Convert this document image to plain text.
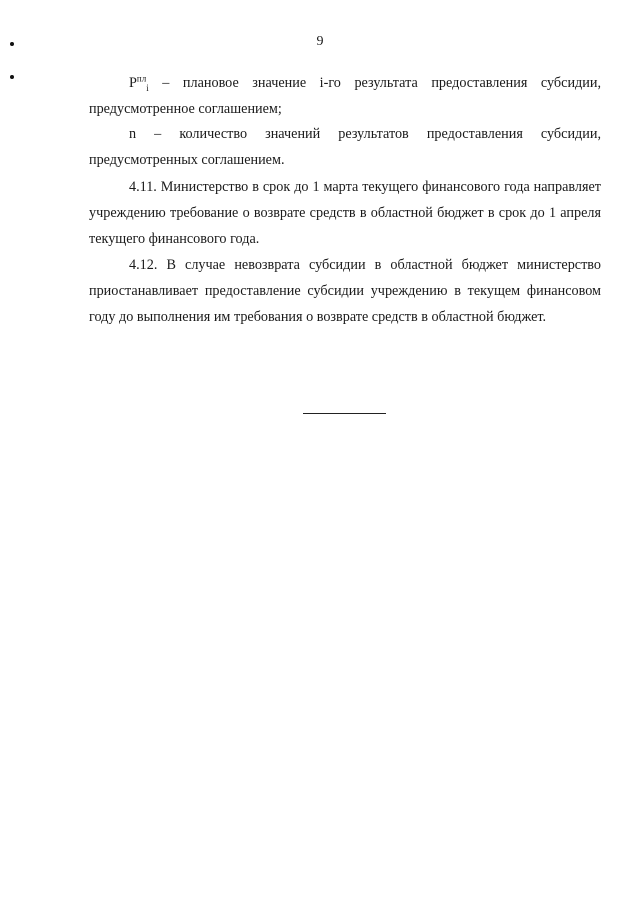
9

$P^{пл}_i$ – плановое значение i-го результата предоставления субсидии, предусмотренное соглашением;

n – количество значений результатов предоставления субсидии, предусмотренных соглашением.

4.11. Министерство в срок до 1 марта текущего финансового года направляет учреждению требование о возврате средств в областной бюджет в срок до 1 апреля текущего финансового года.

4.12. В случае невозврата субсидии в областной бюджет министерство приостанавливает предоставление субсидии учреждению в текущем финансовом году до выполнения им требования о возврате средств в областной бюджет.
